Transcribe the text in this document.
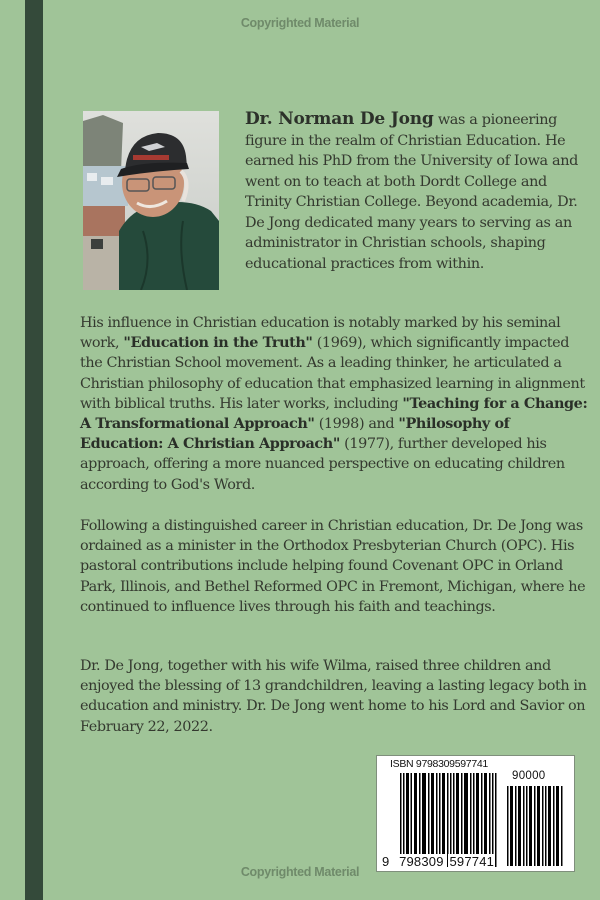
Copyrighted Material
Dr. Norman De Jong was a pioneering figure in the realm of Christian Education. He earned his PhD from the University of Iowa and went on to teach at both Dordt College and Trinity Christian College. Beyond academia, Dr. De Jong dedicated many years to serving as an administrator in Christian schools, shaping educational practices from within.

His influence in Christian education is notably marked by his seminal work, "Education in the Truth" (1969), which significantly impacted the Christian School movement. As a leading thinker, he articulated a Christian philosophy of education that emphasized learning in alignment with biblical truths. His later works, including "Teaching for a Change: A Transformational Approach" (1998) and "Philosophy of Education: A Christian Approach" (1977), further developed his approach, offering a more nuanced perspective on educating children according to God's Word.

Following a distinguished career in Christian education, Dr. De Jong was ordained as a minister in the Orthodox Presbyterian Church (OPC). His pastoral contributions include helping found Covenant OPC in Orland Park, Illinois, and Bethel Reformed OPC in Fremont, Michigan, where he continued to influence lives through his faith and teachings.

Dr. De Jong, together with his wife Wilma, raised three children and enjoyed the blessing of 13 grandchildren, leaving a lasting legacy both in education and ministry. Dr. De Jong went home to his Lord and Savior on February 22, 2022.

ISBN 9798309597741
90000
9 798309 597741
Copyrighted Material
